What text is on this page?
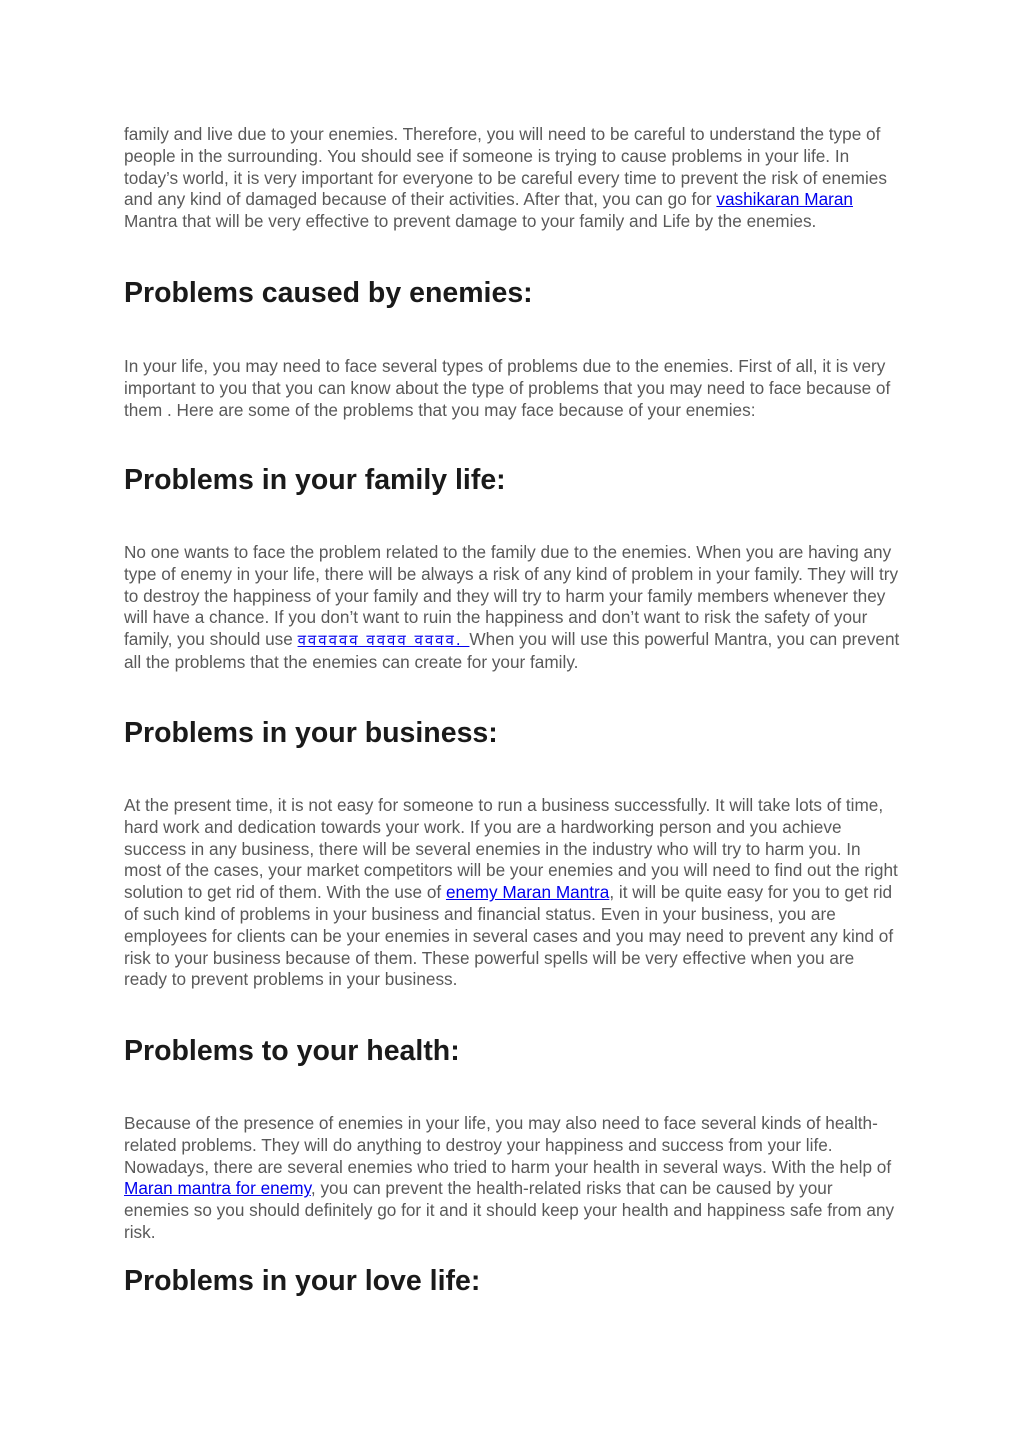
family and live due to your enemies. Therefore, you will need to be careful to understand the type of people in the surrounding. You should see if someone is trying to cause problems in your life. In today’s world, it is very important for everyone to be careful every time to prevent the risk of enemies and any kind of damaged because of their activities. After that, you can go for vashikaran Maran Mantra that will be very effective to prevent damage to your family and Life by the enemies.

Problems caused by enemies:

In your life, you may need to face several types of problems due to the enemies. First of all, it is very important to you that you can know about the type of problems that you may need to face because of them . Here are some of the problems that you may face because of your enemies:

Problems in your family life:

No one wants to face the problem related to the family due to the enemies. When you are having any type of enemy in your life, there will be always a risk of any kind of problem in your family. They will try to destroy the happiness of your family and they will try to harm your family members whenever they will have a chance. If you don’t want to ruin the happiness and don’t want to risk the safety of your family, you should use वववववव वववव वववव. When you will use this powerful Mantra, you can prevent all the problems that the enemies can create for your family.

Problems in your business:

At the present time, it is not easy for someone to run a business successfully. It will take lots of time, hard work and dedication towards your work. If you are a hardworking person and you achieve success in any business, there will be several enemies in the industry who will try to harm you. In most of the cases, your market competitors will be your enemies and you will need to find out the right solution to get rid of them. With the use of enemy Maran Mantra, it will be quite easy for you to get rid of such kind of problems in your business and financial status. Even in your business, you are employees for clients can be your enemies in several cases and you may need to prevent any kind of risk to your business because of them. These powerful spells will be very effective when you are ready to prevent problems in your business.

Problems to your health:

Because of the presence of enemies in your life, you may also need to face several kinds of health-related problems. They will do anything to destroy your happiness and success from your life. Nowadays, there are several enemies who tried to harm your health in several ways. With the help of Maran mantra for enemy, you can prevent the health-related risks that can be caused by your enemies so you should definitely go for it and it should keep your health and happiness safe from any risk.

Problems in your love life:
